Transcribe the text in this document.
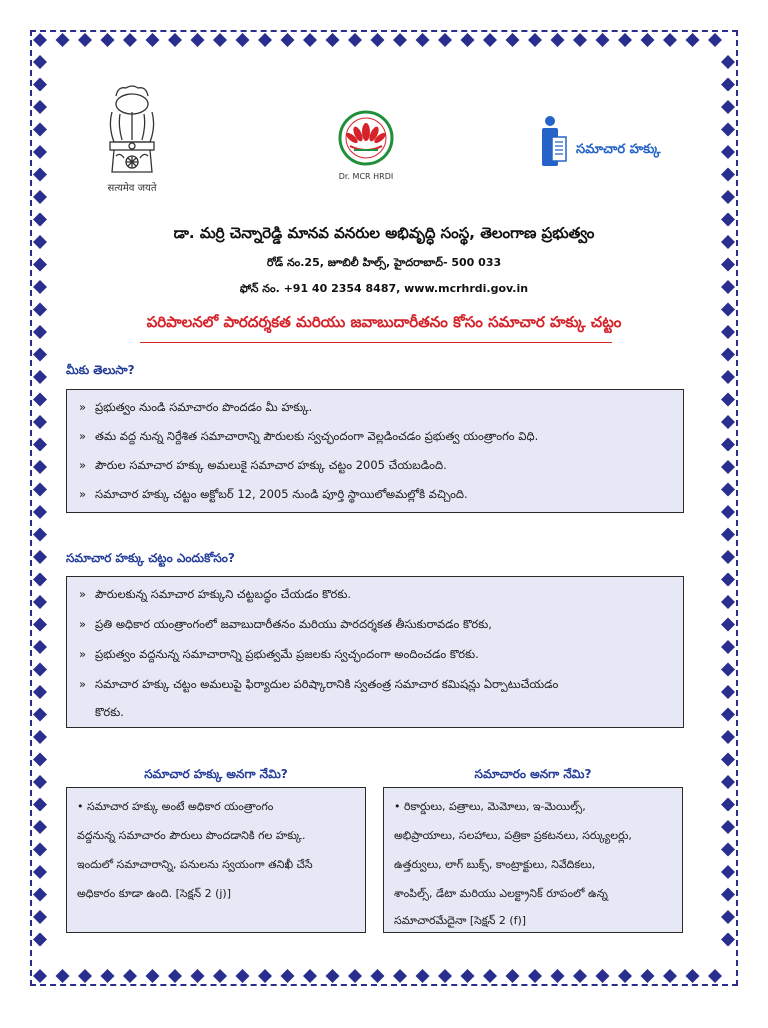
सत्यमेव जयते
Dr. MCR HRDI
సమాచార హక్కు
డా. మర్రి చెన్నారెడ్డి మానవ వనరుల అభివృద్ధి సంస్థ, తెలంగాణ ప్రభుత్వం
రోడ్ నం.25, జూబిలీ హిల్స్, హైదరాబాద్- 500 033
ఫోన్ నం. +91 40 2354 8487, www.mcrhrdi.gov.in
పరిపాలనలో పారదర్శకత మరియు జవాబుదారీతనం కోసం సమాచార హక్కు చట్టం
మీకు తెలుసా?
» ప్రభుత్వం నుండి సమాచారం పొందడం మీ హక్కు.
» తమ వద్ద నున్న నిర్దేశిత సమాచారాన్ని పౌరులకు స్వచ్ఛందంగా వెల్లడించడం ప్రభుత్వ యంత్రాంగం విధి.
» పౌరుల సమాచార హక్కు అమలుకై సమాచార హక్కు చట్టం 2005 చేయబడింది.
» సమాచార హక్కు చట్టం అక్టోబర్ 12, 2005 నుండి పూర్తి స్థాయిలోఅమల్లోకి వచ్చింది.
సమాచార హక్కు చట్టం ఎందుకోసం?
» పౌరులకున్న సమాచార హక్కుని చట్టబద్ధం చేయడం కొరకు.
» ప్రతి అధికార యంత్రాంగంలో జవాబుదారీతనం మరియు పారదర్శకత తీసుకురావడం కొరకు,
» ప్రభుత్వం వద్దనున్న సమాచారాన్ని ప్రభుత్వమే ప్రజలకు స్వచ్ఛందంగా అందించడం కొరకు.
» సమాచార హక్కు చట్టం అమలుపై ఫిర్యాదుల పరిష్కారానికి స్వతంత్ర సమాచార కమిషన్లు ఏర్పాటుచేయడం
కొరకు.
సమాచార హక్కు అనగా నేమి?
• సమాచార హక్కు అంటే అధికార యంత్రాంగం
వద్దనున్న సమాచారం పౌరులు పొందడానికి గల హక్కు.
ఇందులో సమాచారాన్ని, పనులను స్వయంగా తనిఖీ చేసే
అధికారం కూడా ఉంది. [సెక్షన్ 2 (j)]
సమాచారం అనగా నేమి?
• రికార్డులు, పత్రాలు, మెమోలు, ఇ-మెయిల్స్,
అభిప్రాయాలు, సలహాలు, పత్రికా ప్రకటనలు, సర్క్యులర్లు,
ఉత్తర్వులు, లాగ్ బుక్స్, కాంట్రాక్టులు, నివేదికలు,
శాంపిల్స్, డేటా మరియు ఎలక్ట్రానిక్ రూపంలో ఉన్న
సమాచారమేదైనా [సెక్షన్ 2 (f)]
